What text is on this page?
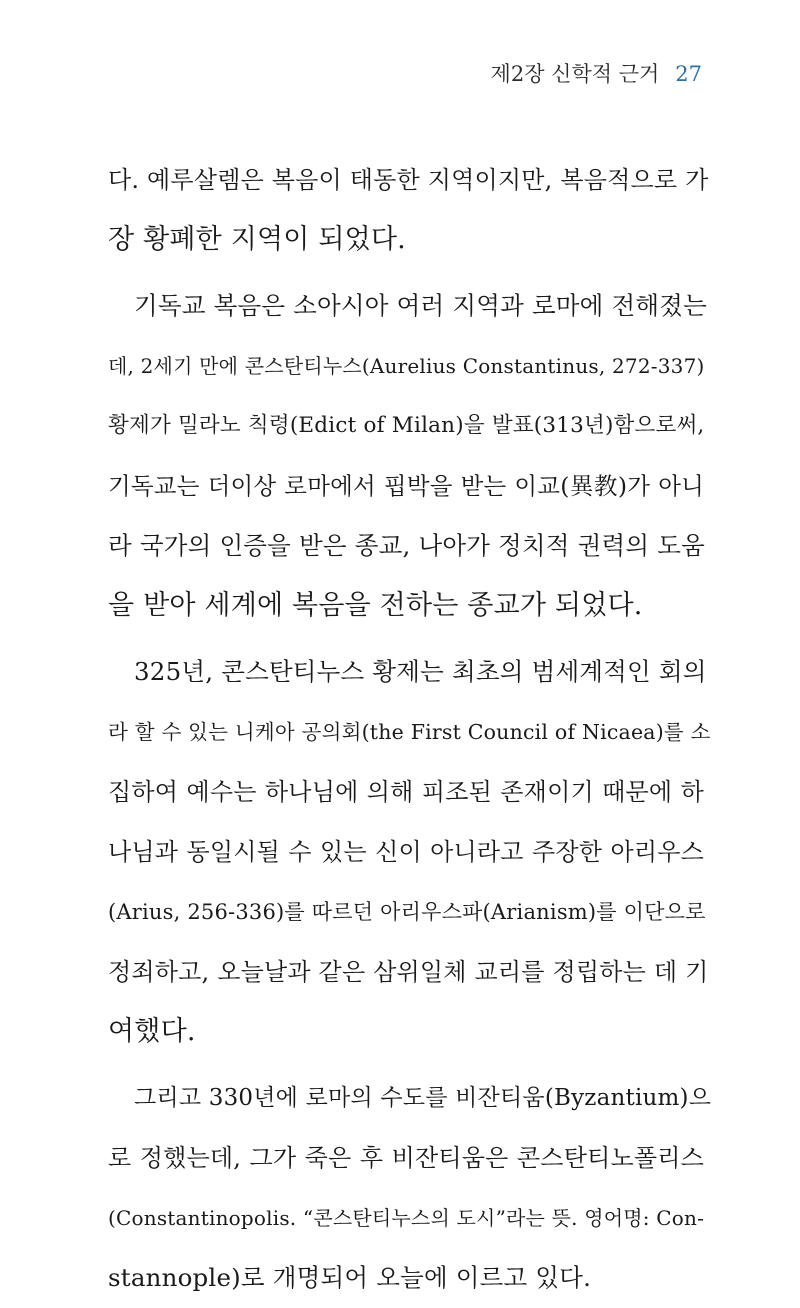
제2장 신학적 근거 27
다. 예루살렘은 복음이 태동한 지역이지만, 복음적으로 가
장 황폐한 지역이 되었다.
기독교 복음은 소아시아 여러 지역과 로마에 전해졌는
데, 2세기 만에 콘스탄티누스(Aurelius Constantinus, 272-337)
황제가 밀라노 칙령(Edict of Milan)을 발표(313년)함으로써,
기독교는 더이상 로마에서 핍박을 받는 이교(異教)가 아니
라 국가의 인증을 받은 종교, 나아가 정치적 권력의 도움
을 받아 세계에 복음을 전하는 종교가 되었다.
325년, 콘스탄티누스 황제는 최초의 범세계적인 회의
라 할 수 있는 니케아 공의회(the First Council of Nicaea)를 소
집하여 예수는 하나님에 의해 피조된 존재이기 때문에 하
나님과 동일시될 수 있는 신이 아니라고 주장한 아리우스
(Arius, 256-336)를 따르던 아리우스파(Arianism)를 이단으로
정죄하고, 오늘날과 같은 삼위일체 교리를 정립하는 데 기
여했다.
그리고 330년에 로마의 수도를 비잔티움(Byzantium)으
로 정했는데, 그가 죽은 후 비잔티움은 콘스탄티노폴리스
(Constantinopolis. “콘스탄티누스의 도시”라는 뜻. 영어명: Con-
stannople)로 개명되어 오늘에 이르고 있다.
